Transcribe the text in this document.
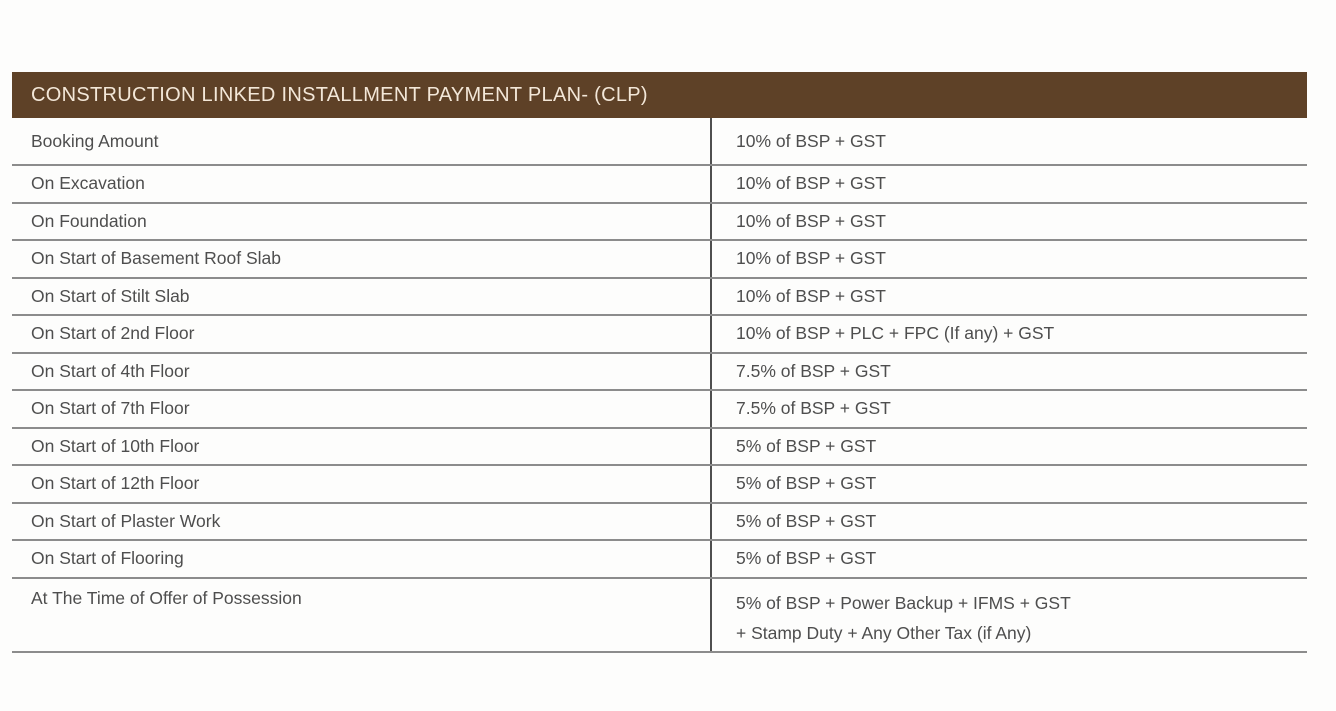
CONSTRUCTION LINKED INSTALLMENT PAYMENT PLAN- (CLP)
Booking Amount	10% of BSP + GST
On Excavation	10% of BSP + GST
On Foundation	10% of BSP + GST
On Start of Basement Roof Slab	10% of BSP + GST
On Start of Stilt Slab	10% of BSP + GST
On Start of 2nd Floor	10% of BSP + PLC + FPC (If any) + GST
On Start of 4th Floor	7.5% of BSP + GST
On Start of 7th Floor	7.5% of BSP + GST
On Start of 10th Floor	5% of BSP + GST
On Start of 12th Floor	5% of BSP + GST
On Start of Plaster Work	5% of BSP + GST
On Start of Flooring	5% of BSP + GST
At The Time of Offer of Possession	5% of BSP + Power Backup + IFMS + GST
+ Stamp Duty + Any Other Tax (if Any)
